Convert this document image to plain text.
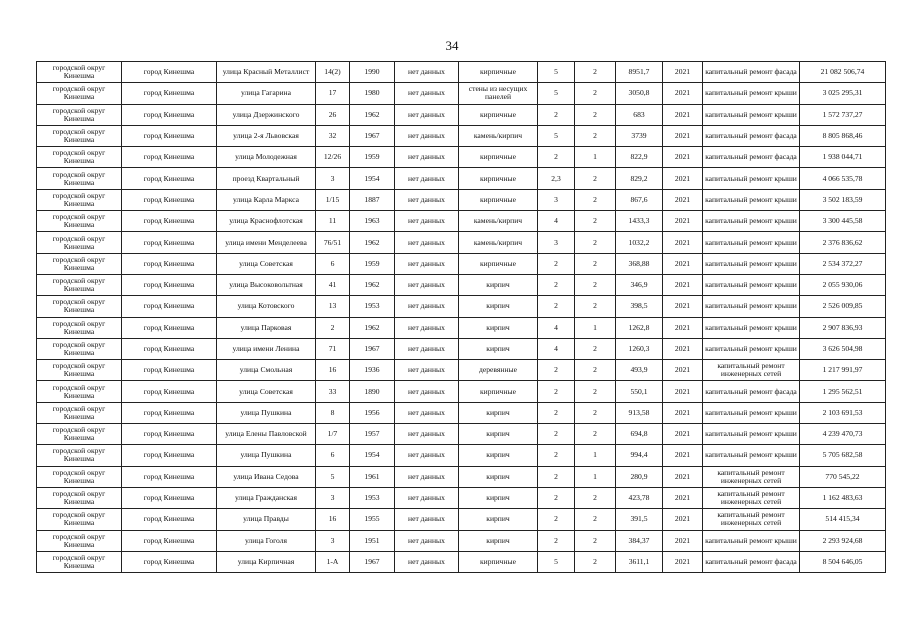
34
городской округ Кинешма	город Кинешма	улица Красный Металлист	14(2)	1990	нет данных	кирпичные	5	2	8951,7	2021	капитальный ремонт фасада	21 082 506,74
городской округ Кинешма	город Кинешма	улица Гагарина	17	1980	нет данных	стены из несущих панелей	5	2	3050,8	2021	капитальный ремонт крыши	3 025 295,31
городской округ Кинешма	город Кинешма	улица Дзержинского	26	1962	нет данных	кирпичные	2	2	683	2021	капитальный ремонт крыши	1 572 737,27
городской округ Кинешма	город Кинешма	улица 2-я Львовская	32	1967	нет данных	камень/кирпич	5	2	3739	2021	капитальный ремонт фасада	8 805 868,46
городской округ Кинешма	город Кинешма	улица Молодежная	12/26	1959	нет данных	кирпичные	2	1	822,9	2021	капитальный ремонт фасада	1 938 044,71
городской округ Кинешма	город Кинешма	проезд Квартальный	3	1954	нет данных	кирпичные	2,3	2	829,2	2021	капитальный ремонт крыши	4 066 535,78
городской округ Кинешма	город Кинешма	улица Карла Маркса	1/15	1887	нет данных	кирпичные	3	2	867,6	2021	капитальный ремонт крыши	3 502 183,59
городской округ Кинешма	город Кинешма	улица Краснофлотская	11	1963	нет данных	камень/кирпич	4	2	1433,3	2021	капитальный ремонт крыши	3 300 445,58
городской округ Кинешма	город Кинешма	улица имени Менделеева	76/51	1962	нет данных	камень/кирпич	3	2	1032,2	2021	капитальный ремонт крыши	2 376 836,62
городской округ Кинешма	город Кинешма	улица Советская	6	1959	нет данных	кирпичные	2	2	368,88	2021	капитальный ремонт крыши	2 534 372,27
городской округ Кинешма	город Кинешма	улица Высоковольтная	41	1962	нет данных	кирпич	2	2	346,9	2021	капитальный ремонт крыши	2 055 930,06
городской округ Кинешма	город Кинешма	улица Котовского	13	1953	нет данных	кирпич	2	2	398,5	2021	капитальный ремонт крыши	2 526 009,85
городской округ Кинешма	город Кинешма	улица Парковая	2	1962	нет данных	кирпич	4	1	1262,8	2021	капитальный ремонт крыши	2 907 836,93
городской округ Кинешма	город Кинешма	улица имени Ленина	71	1967	нет данных	кирпич	4	2	1260,3	2021	капитальный ремонт крыши	3 626 504,98
городской округ Кинешма	город Кинешма	улица Смольная	16	1936	нет данных	деревянные	2	2	493,9	2021	капитальный ремонт инженерных сетей	1 217 991,97
городской округ Кинешма	город Кинешма	улица Советская	33	1890	нет данных	кирпичные	2	2	550,1	2021	капитальный ремонт фасада	1 295 562,51
городской округ Кинешма	город Кинешма	улица Пушкина	8	1956	нет данных	кирпич	2	2	913,58	2021	капитальный ремонт крыши	2 103 691,53
городской округ Кинешма	город Кинешма	улица Елены Павловской	1/7	1957	нет данных	кирпич	2	2	694,8	2021	капитальный ремонт крыши	4 239 470,73
городской округ Кинешма	город Кинешма	улица Пушкина	6	1954	нет данных	кирпич	2	1	994,4	2021	капитальный ремонт крыши	5 705 682,58
городской округ Кинешма	город Кинешма	улица Ивана Седова	5	1961	нет данных	кирпич	2	1	280,9	2021	капитальный ремонт инженерных сетей	770 545,22
городской округ Кинешма	город Кинешма	улица Гражданская	3	1953	нет данных	кирпич	2	2	423,78	2021	капитальный ремонт инженерных сетей	1 162 483,63
городской округ Кинешма	город Кинешма	улица Правды	16	1955	нет данных	кирпич	2	2	391,5	2021	капитальный ремонт инженерных сетей	514 415,34
городской округ Кинешма	город Кинешма	улица Гоголя	3	1951	нет данных	кирпич	2	2	384,37	2021	капитальный ремонт крыши	2 293 924,68
городской округ Кинешма	город Кинешма	улица Кирпичная	1-А	1967	нет данных	кирпичные	5	2	3611,1	2021	капитальный ремонт фасада	8 504 646,05
